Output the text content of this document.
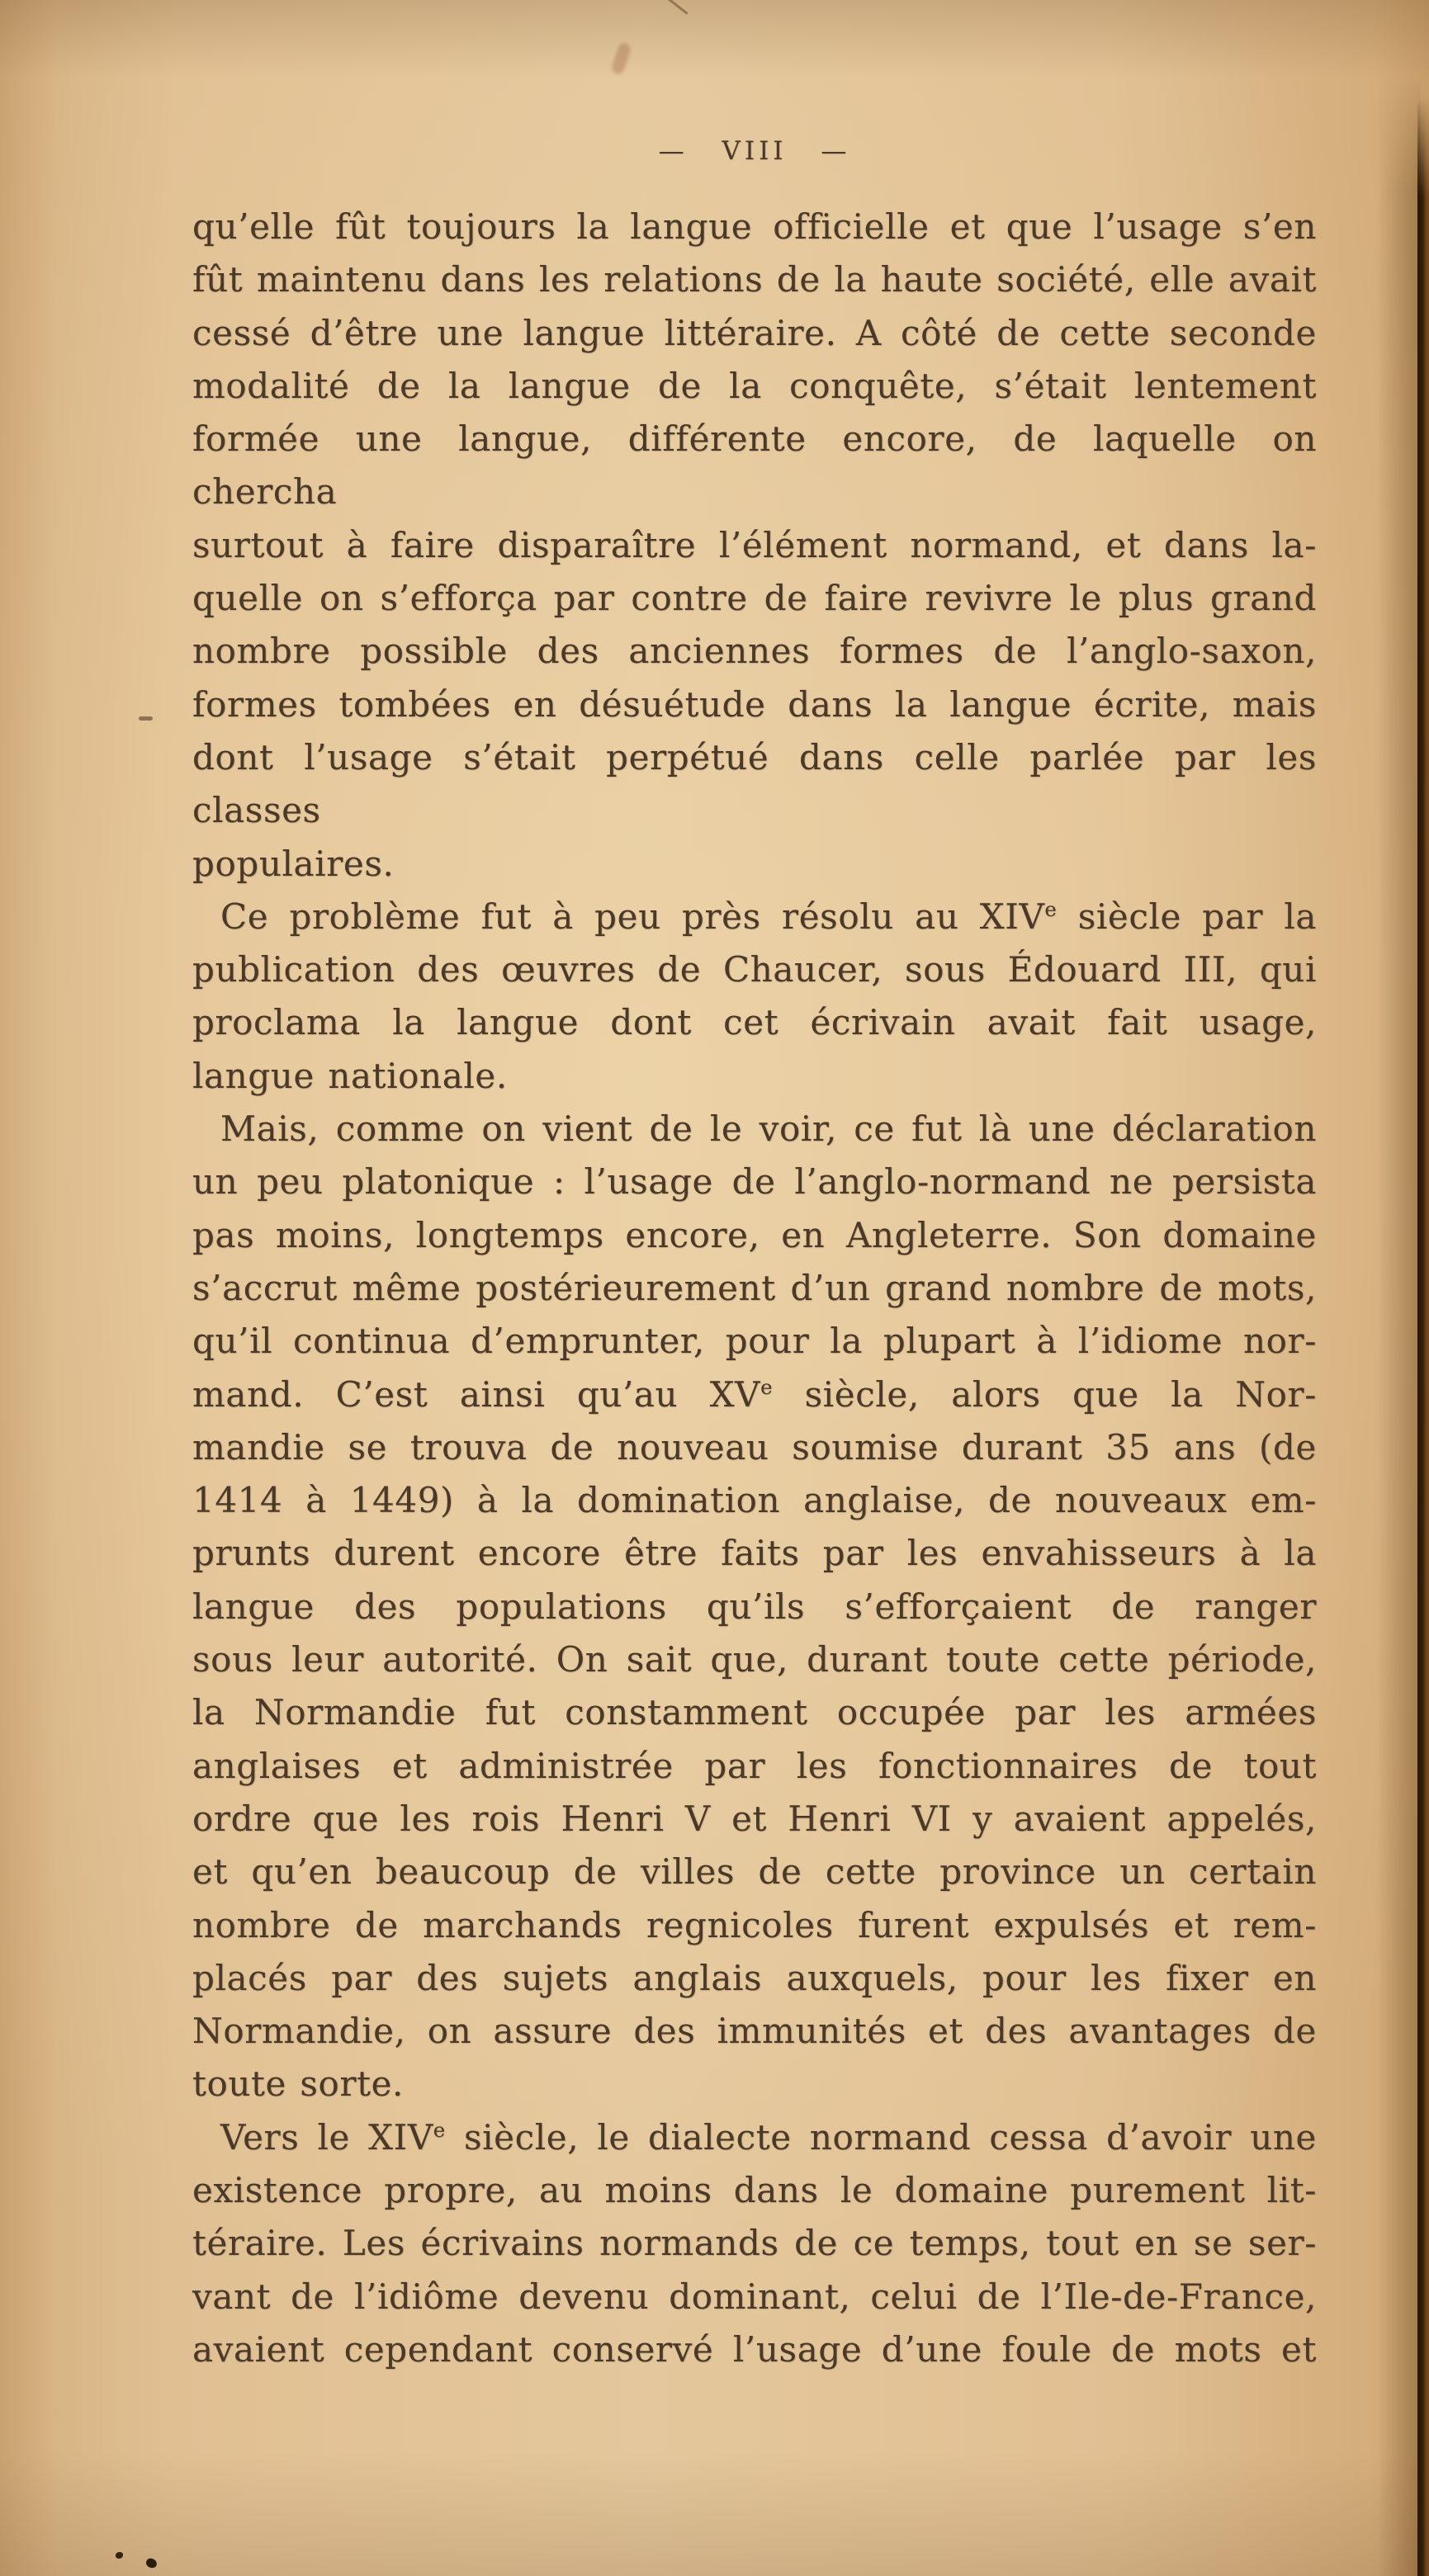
— VIII —
qu’elle fût toujours la langue officielle et que l’usage s’en
fût maintenu dans les relations de la haute société, elle avait
cessé d’être une langue littéraire. A côté de cette seconde
modalité de la langue de la conquête, s’était lentement
formée une langue, différente encore, de laquelle on chercha
surtout à faire disparaître l’élément normand, et dans la-
quelle on s’efforça par contre de faire revivre le plus grand
nombre possible des anciennes formes de l’anglo-saxon,
formes tombées en désuétude dans la langue écrite, mais
dont l’usage s’était perpétué dans celle parlée par les classes
populaires.
Ce problème fut à peu près résolu au XIVe siècle par la
publication des œuvres de Chaucer, sous Édouard III, qui
proclama la langue dont cet écrivain avait fait usage,
langue nationale.
Mais, comme on vient de le voir, ce fut là une déclaration
un peu platonique : l’usage de l’anglo-normand ne persista
pas moins, longtemps encore, en Angleterre. Son domaine
s’accrut même postérieurement d’un grand nombre de mots,
qu’il continua d’emprunter, pour la plupart à l’idiome nor-
mand. C’est ainsi qu’au XVe siècle, alors que la Nor-
mandie se trouva de nouveau soumise durant 35 ans (de
1414 à 1449) à la domination anglaise, de nouveaux em-
prunts durent encore être faits par les envahisseurs à la
langue des populations qu’ils s’efforçaient de ranger
sous leur autorité. On sait que, durant toute cette période,
la Normandie fut constamment occupée par les armées
anglaises et administrée par les fonctionnaires de tout
ordre que les rois Henri V et Henri VI y avaient appelés,
et qu’en beaucoup de villes de cette province un certain
nombre de marchands regnicoles furent expulsés et rem-
placés par des sujets anglais auxquels, pour les fixer en
Normandie, on assure des immunités et des avantages de
toute sorte.
Vers le XIVe siècle, le dialecte normand cessa d’avoir une
existence propre, au moins dans le domaine purement lit-
téraire. Les écrivains normands de ce temps, tout en se ser-
vant de l’idiôme devenu dominant, celui de l’Ile-de-France,
avaient cependant conservé l’usage d’une foule de mots et
